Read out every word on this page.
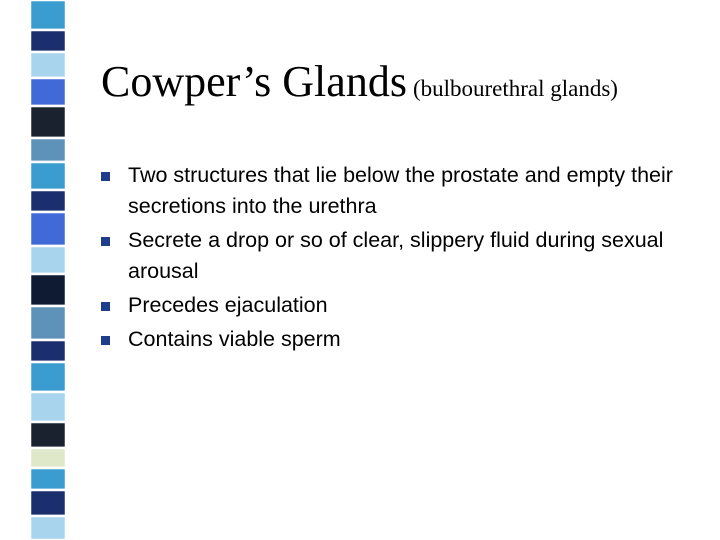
Cowper’s Glands (bulbourethral glands)
Two structures that lie below the prostate and empty their secretions into the urethra
Secrete a drop or so of clear, slippery fluid during sexual arousal
Precedes ejaculation
Contains viable sperm
